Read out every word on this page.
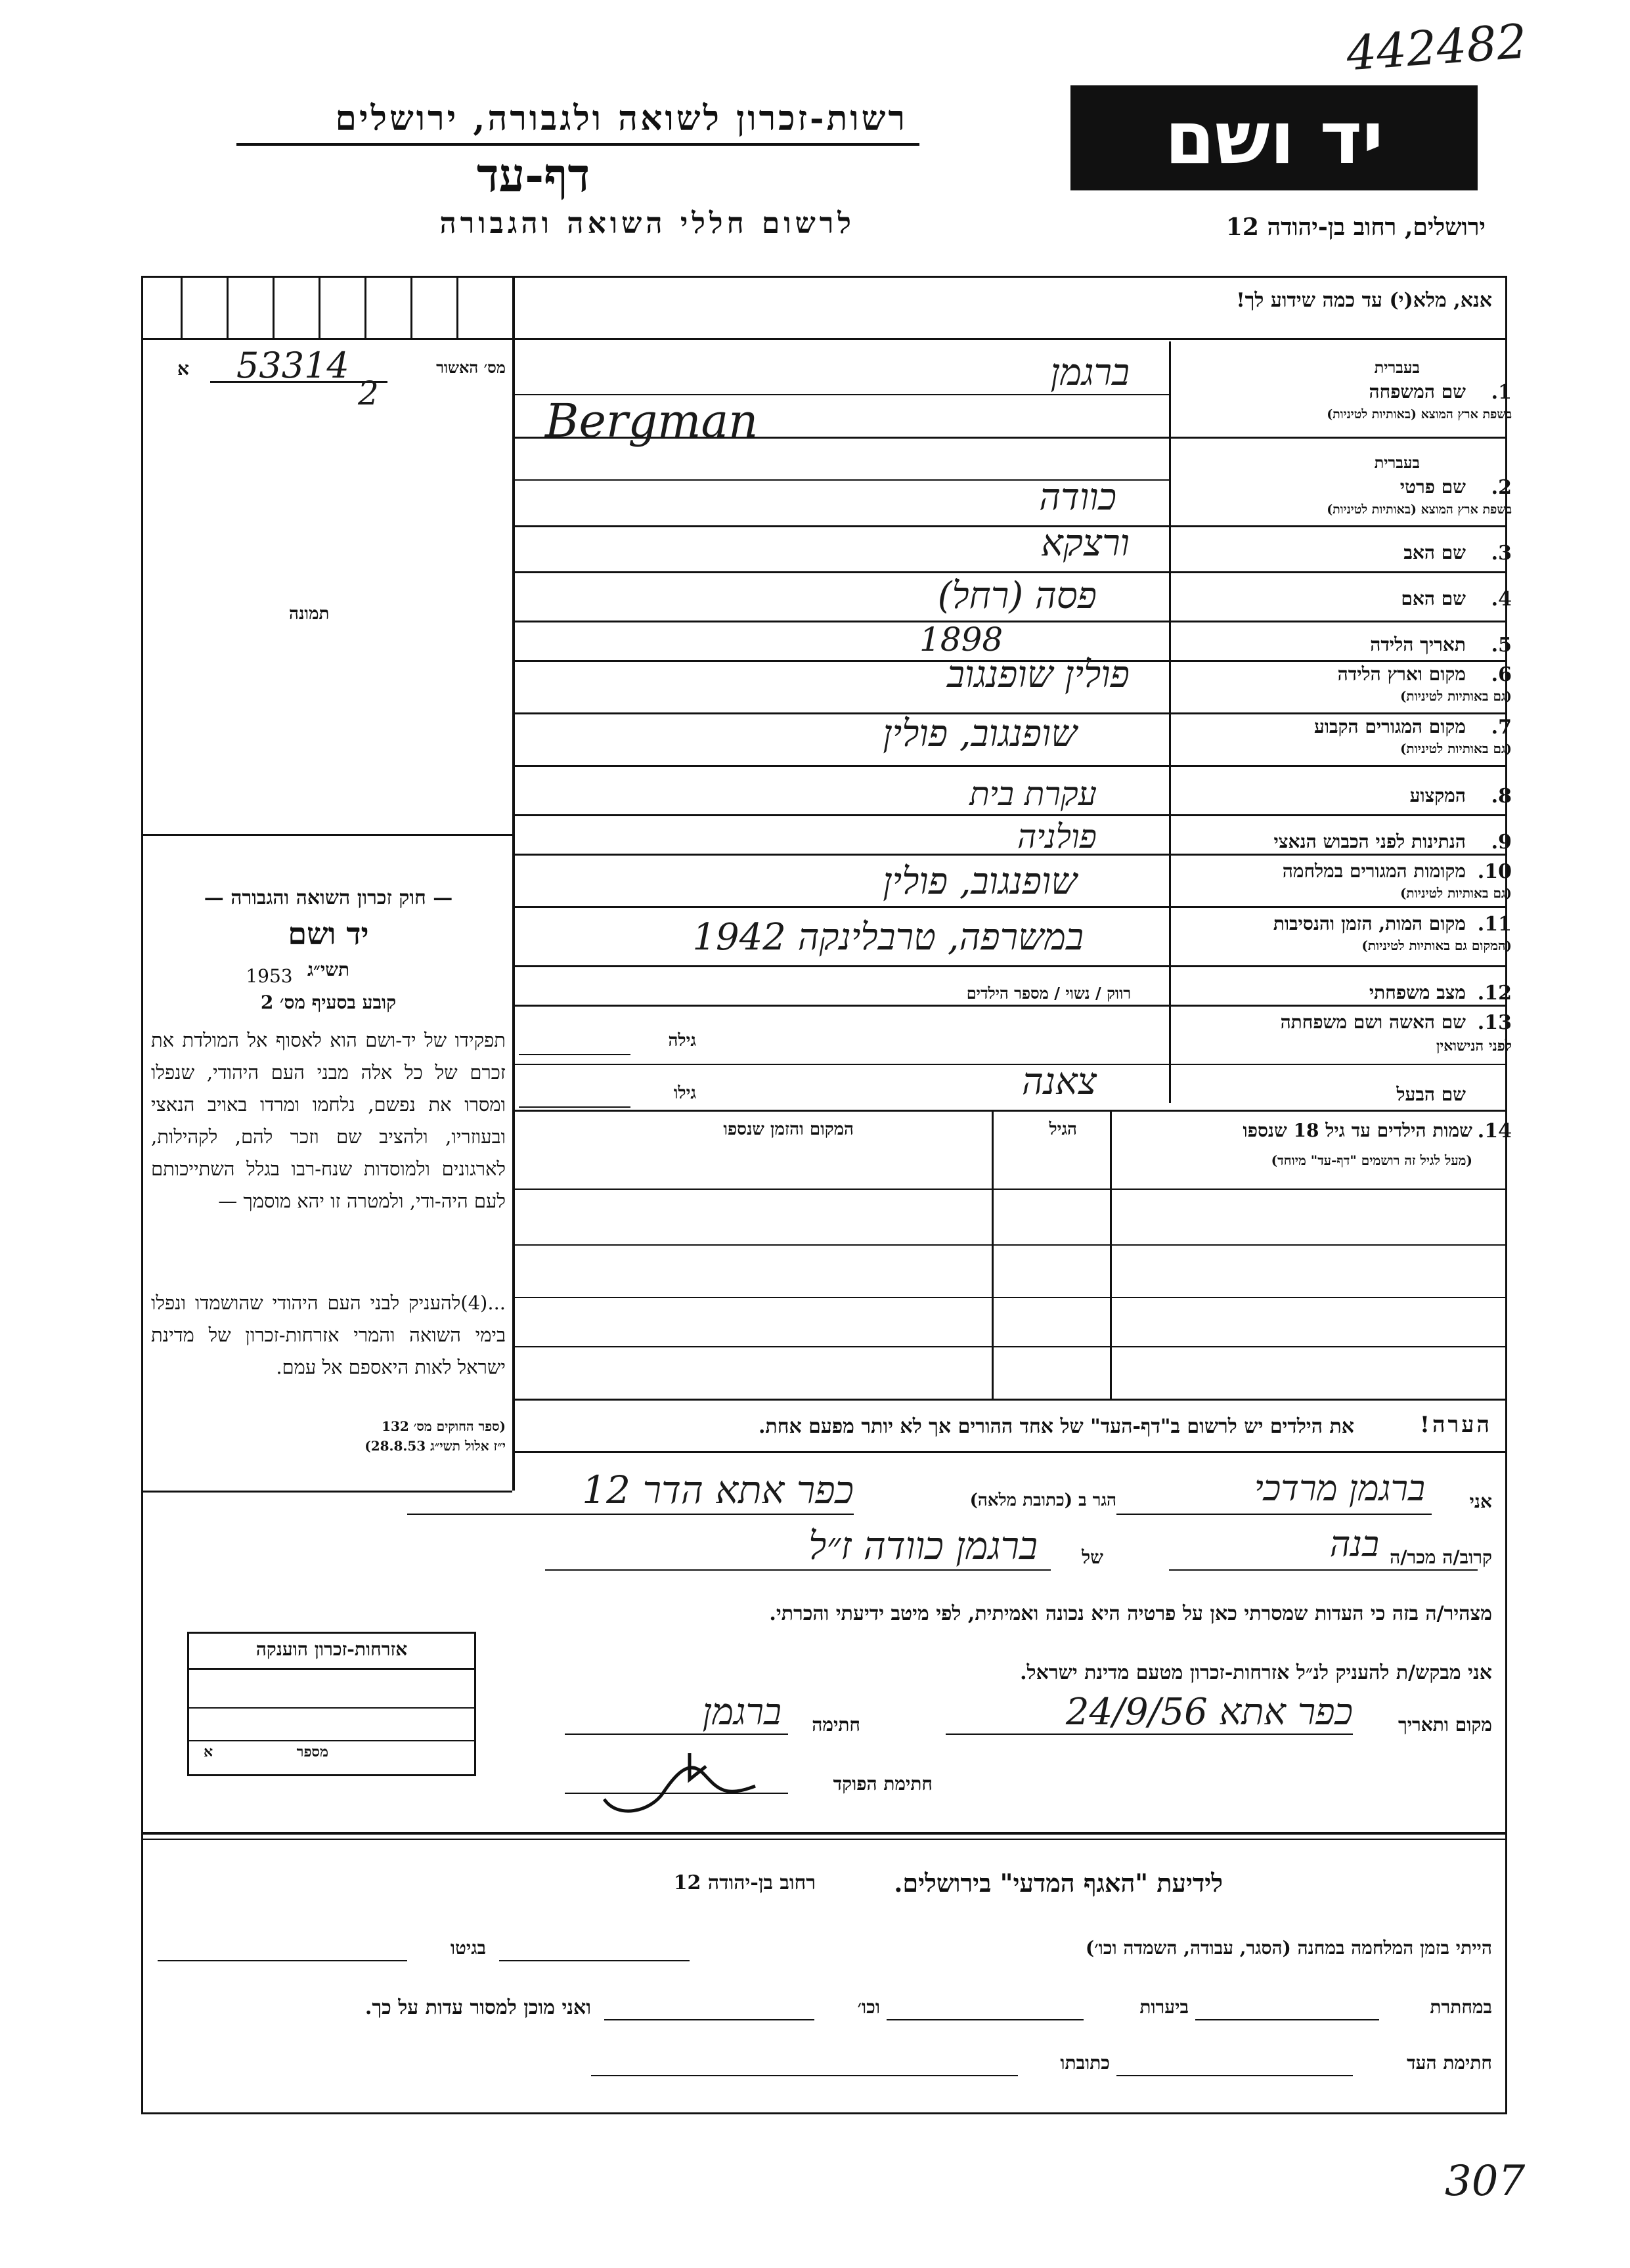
442482
רשות-זכרון לשואה ולגבורה, ירושלים
דף-עד
לרשום חללי השואה והגבורה
יד ושם
ירושלים, רחוב בן-יהודה 12
אנא, מלא(י) עד כמה שידוע לך!
מס׳ האשור
א 53314
2
תמונה
— חוק זכרון השואה והגבורה —
יד ושם
תשי״ג
1953
קובע בסעיף מס׳ 2
תפקידו של יד-ושם הוא לאסוף אל המולדת את זכרם של כל אלה מבני העם היהודי, שנפלו ומסרו את נפשם, נלחמו ומרדו באויב הנאצי ובעוזריו, ולהציב שם וזכר להם, לקהילות, לארגונים ולמוסדות שנח-רבו בגלל השתייכותם לעם היה-ודי, ולמטרה זו יהא מוסמך —
...(4)להעניק לבני העם היהודי שהושמדו ונפלו בימי השואה והמרי אזרחות-זכרון של מדינת ישראל לאות היאספם אל עמם.
(ספר החוקים מס׳ 132
י״ז אלול תשי״ג 28.8.53)
בעברית
1.
שם המשפחה
בשפת ארץ המוצא (באותיות לטיניות)
בעברית
2.
שם פרטי
בשפת ארץ המוצא (באותיות לטיניות)
3.
שם האב
4.
שם האם
5.
תאריך הלידה
6.
מקום וארץ הלידה
(גם באותיות לטיניות)
7.
מקום המגורים הקבוע
(גם באותיות לטיניות)
8.
המקצוע
9.
הנתינות לפני הכבוש הנאצי
10.
מקומות המגורים במלחמה
(גם באותיות לטיניות)
11.
מקום המות, הזמן והנסיבות
(המקום גם באותיות לטיניות)
12.
מצב משפחתי
רווק / נשוי / מספר הילדים
13.
שם האשה ושם משפחתה
לפני הנישואין
גילה
שם הבעל
גילו
ברגמן
Bergman
כוודה
ורצקא
פסה (רחל)
1898
פולין שופנגוב
שופנגוב, פולין
עקרת בית
פולניה
שופנגוב, פולין
במשרפה, טרבלינקה 1942
צאנה
14.
שמות הילדים עד גיל 18 שנספו
(מעל לגיל זה רושמים "דף-עד" מיוחד)
הגיל
המקום והזמן שנספו
הערה!
את הילדים יש לרשום ב"דף-העד" של אחד ההורים אך לא יותר מפעם אחת.
אני
ברגמן מרדכי
הגר ב (כתובת מלאה)
כפר אתא הדר 12
קרוב/ה מכר/ה
בנה
של
ברגמן כוודה ז״ל
מצהיר/ה בזה כי העדות שמסרתי כאן על פרטיה היא נכונה ואמיתית, לפי מיטב ידיעתי והכרתי.
אני מבקש/ת להעניק לנ״ל אזרחות-זכרון מטעם מדינת ישראל.
מקום ותאריך
כפר אתא 24/9/56
חתימה
ברגמן
חתימת הפוקד
אזרחות-זכרון הוענקה
מספר
א
לידיעת "האגף המדעי" בירושלים.
רחוב בן-יהודה 12
הייתי בזמן המלחמה במחנה (הסגר, עבודה, השמדה וכו׳)
בגיטו
במחתרת
ביערות
וכו׳
ואני מוכן למסור עדות על כך.
חתימת העד
כתובתו
307
